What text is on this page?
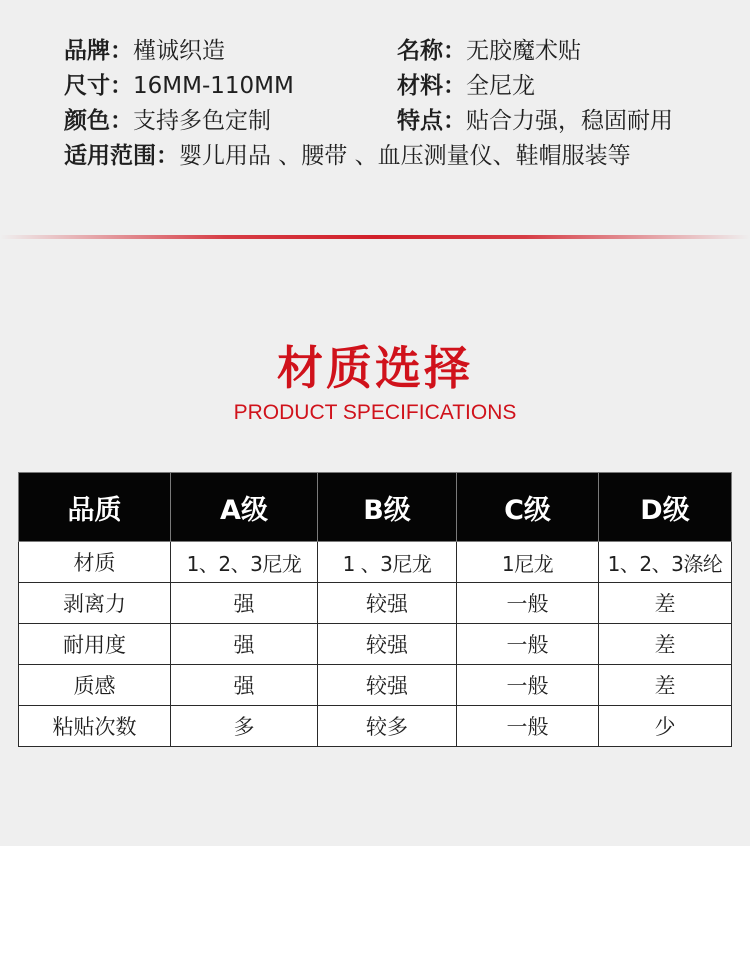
品牌：槿诚织造	名称：无胶魔术贴
尺寸：16MM-110MM	材料：全尼龙
颜色：支持多色定制	特点：贴合力强，稳固耐用
适用范围：婴儿用品 、腰带 、血压测量仪、鞋帽服装等
材质选择
PRODUCT SPECIFICATIONS
品质	A级	B级	C级	D级
材质	1、2、3尼龙	1 、3尼龙	1尼龙	1、2、3涤纶
剥离力	强	较强	一般	差
耐用度	强	较强	一般	差
质感	强	较强	一般	差
粘贴次数	多	较多	一般	少
